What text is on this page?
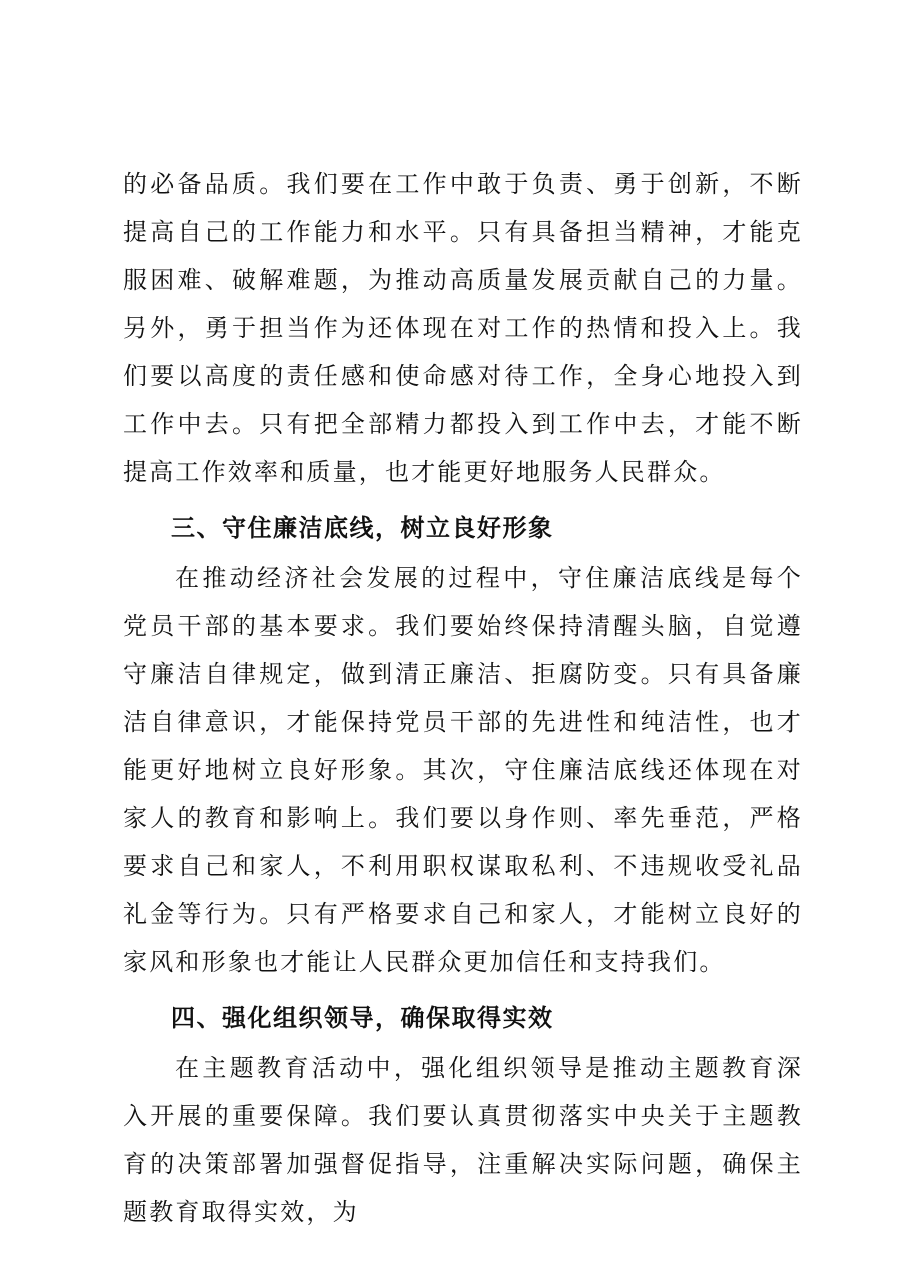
的必备品质。我们要在工作中敢于负责、勇于创新，不断提高自己的工作能力和水平。只有具备担当精神，才能克服困难、破解难题，为推动高质量发展贡献自己的力量。另外，勇于担当作为还体现在对工作的热情和投入上。我们要以高度的责任感和使命感对待工作，全身心地投入到工作中去。只有把全部精力都投入到工作中去，才能不断提高工作效率和质量，也才能更好地服务人民群众。

三、守住廉洁底线，树立良好形象

在推动经济社会发展的过程中，守住廉洁底线是每个党员干部的基本要求。我们要始终保持清醒头脑，自觉遵守廉洁自律规定，做到清正廉洁、拒腐防变。只有具备廉洁自律意识，才能保持党员干部的先进性和纯洁性，也才能更好地树立良好形象。其次，守住廉洁底线还体现在对家人的教育和影响上。我们要以身作则、率先垂范，严格要求自己和家人，不利用职权谋取私利、不违规收受礼品礼金等行为。只有严格要求自己和家人，才能树立良好的家风和形象也才能让人民群众更加信任和支持我们。

四、强化组织领导，确保取得实效

在主题教育活动中，强化组织领导是推动主题教育深入开展的重要保障。我们要认真贯彻落实中央关于主题教育的决策部署加强督促指导，注重解决实际问题，确保主题教育取得实效，为
